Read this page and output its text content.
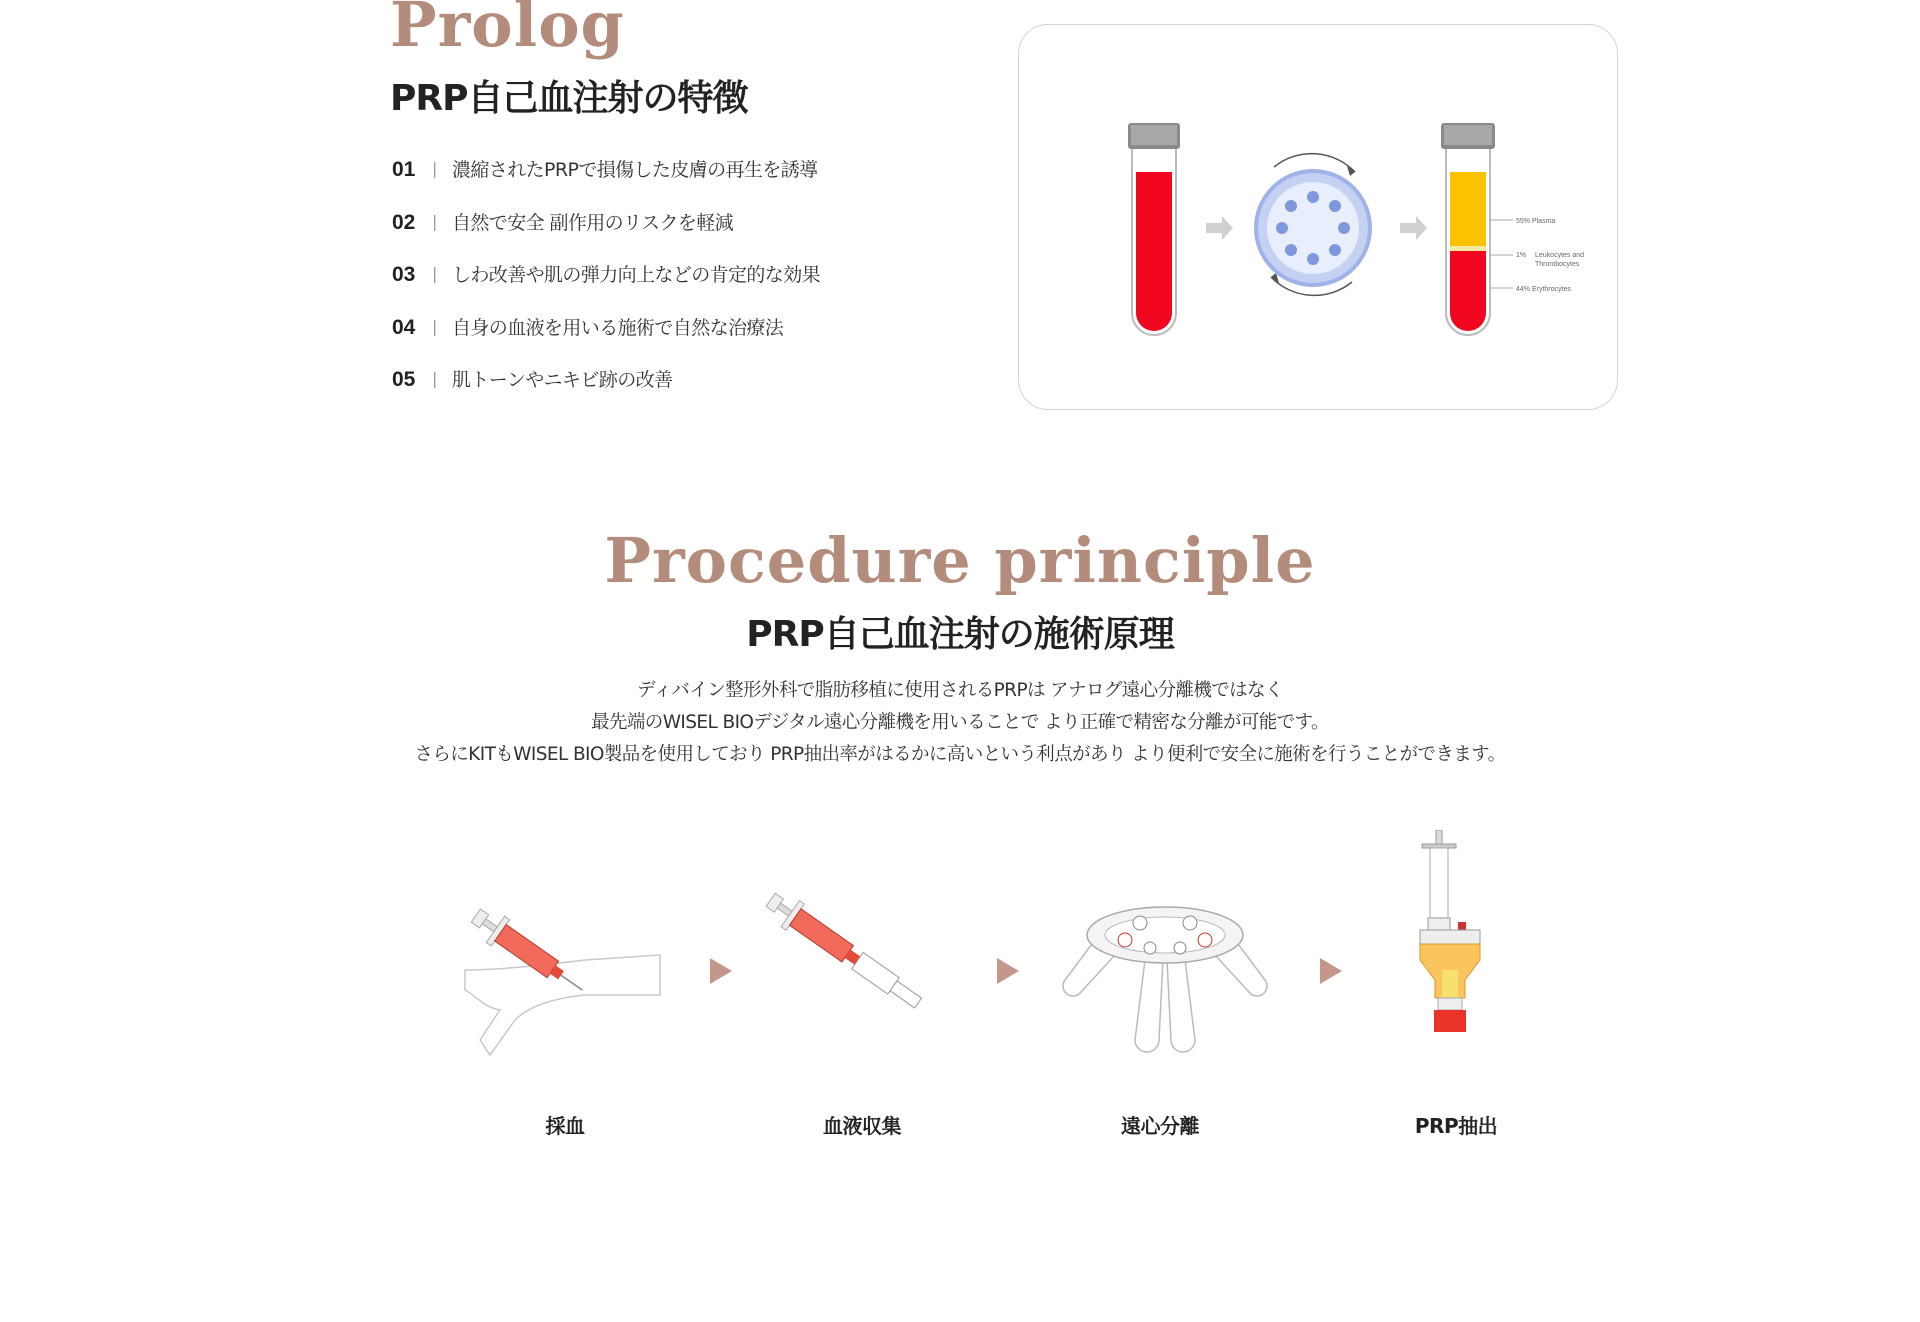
Prolog
PRP自己血注射の特徴
01	| 濃縮されたPRPで損傷した皮膚の再生を誘導
02	| 自然で安全 副作用のリスクを軽減
03	| しわ改善や肌の弾力向上などの肯定的な効果
04	| 自身の血液を用いる施術で自然な治療法
05	| 肌トーンやニキビ跡の改善
55% Plasma
1% Leukocytes and
Thrombocytes
44% Erythrocytes
Procedure principle
PRP自己血注射の施術原理

ディバイン整形外科で脂肪移植に使用されるPRPは アナログ遠心分離機ではなく

最先端のWISEL BIOデジタル遠心分離機を用いることで より正確で精密な分離が可能です。

さらにKITもWISEL BIO製品を使用しており PRP抽出率がはるかに高いという利点があり より便利で安全に施術を行うことができます。

採血	血液収集	遠心分離	PRP抽出
